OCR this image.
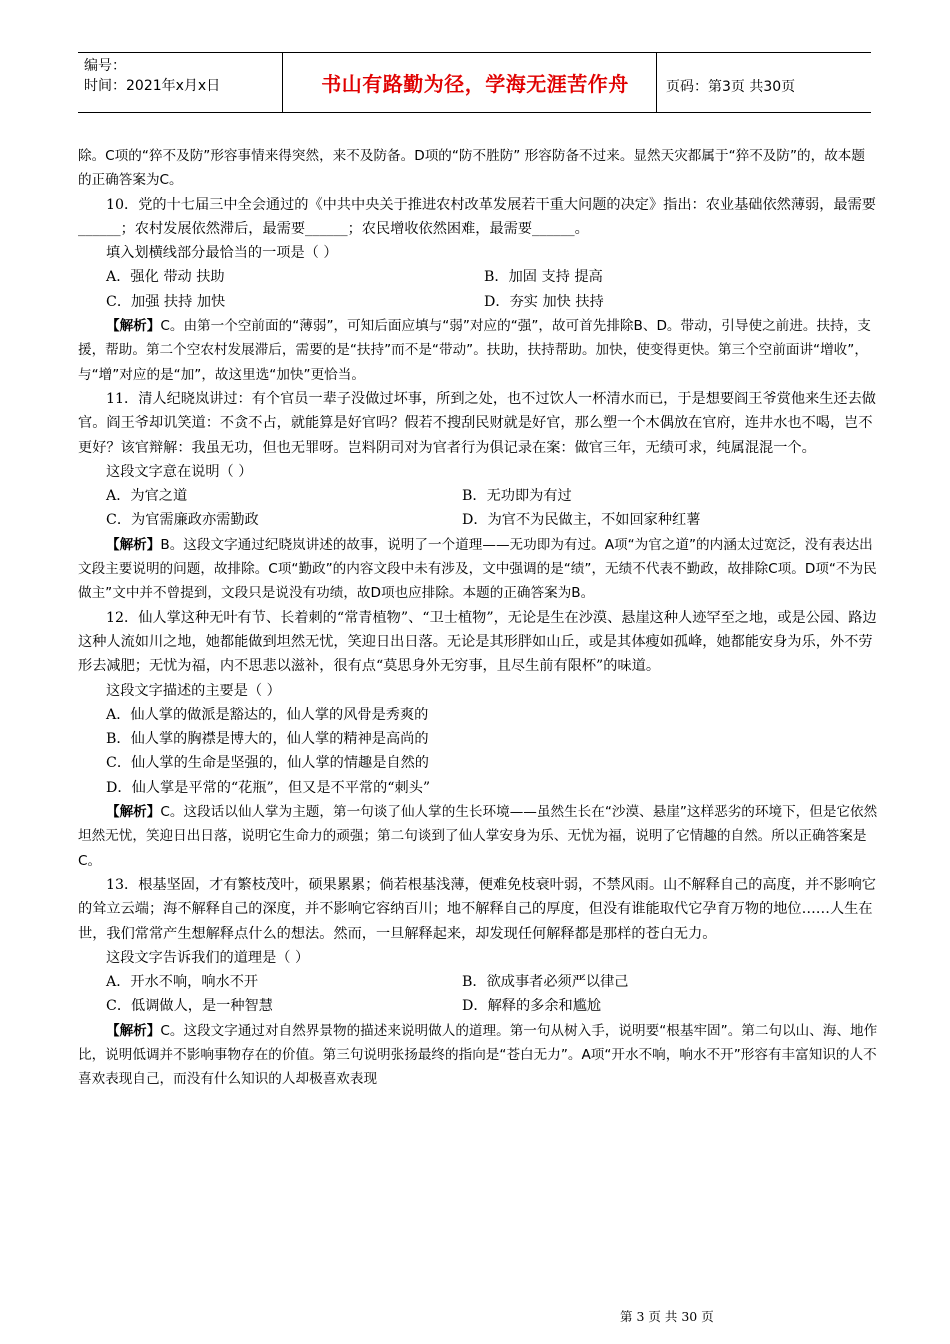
编号：
时间：2021年x月x日	书山有路勤为径，学海无涯苦作舟	页码：第3页 共30页

除。C项的“猝不及防”形容事情来得突然，来不及防备。D项的“防不胜防” 形容防备不过来。显然天灾都属于“猝不及防”的，故本题的正确答案为C。

10．党的十七届三中全会通过的《中共中央关于推进农村改革发展若干重大问题的决定》指出：农业基础依然薄弱，最需要______；农村发展依然滞后，最需要______；农民增收依然困难，最需要______。

填入划横线部分最恰当的一项是（ ）

A．强化 带动 扶助	B．加固 支持 提高
C．加强 扶持 加快	D．夯实 加快 扶持

【解析】C。由第一个空前面的“薄弱”，可知后面应填与“弱”对应的“强”，故可首先排除B、D。带动，引导使之前进。扶持，支援，帮助。第二个空农村发展滞后，需要的是“扶持”而不是“带动”。扶助，扶持帮助。加快，使变得更快。第三个空前面讲“增收”，与“增”对应的是“加”，故这里选“加快”更恰当。

11．清人纪晓岚讲过：有个官员一辈子没做过坏事，所到之处，也不过饮人一杯清水而已，于是想要阎王爷赏他来生还去做官。阎王爷却讥笑道：不贪不占，就能算是好官吗？假若不搜刮民财就是好官，那么塑一个木偶放在官府，连井水也不喝，岂不更好？该官辩解：我虽无功，但也无罪呀。岂料阴司对为官者行为俱记录在案：做官三年，无绩可求，纯属混混一个。

这段文字意在说明（ ）

A．为官之道	B．无功即为有过
C．为官需廉政亦需勤政	D．为官不为民做主，不如回家种红薯

【解析】B。这段文字通过纪晓岚讲述的故事，说明了一个道理——无功即为有过。A项“为官之道”的内涵太过宽泛，没有表达出文段主要说明的问题，故排除。C项“勤政”的内容文段中未有涉及，文中强调的是“绩”，无绩不代表不勤政，故排除C项。D项“不为民做主”文中并不曾提到，文段只是说没有功绩，故D项也应排除。本题的正确答案为B。

12．仙人掌这种无叶有节、长着刺的“常青植物”、“卫士植物”，无论是生在沙漠、悬崖这种人迹罕至之地，或是公园、路边这种人流如川之地，她都能做到坦然无忧，笑迎日出日落。无论是其形胖如山丘，或是其体瘦如孤峰，她都能安身为乐，外不劳形去减肥；无忧为福，内不思悲以滋补，很有点“莫思身外无穷事，且尽生前有限杯”的味道。

这段文字描述的主要是（ ）

A．仙人掌的做派是豁达的，仙人掌的风骨是秀爽的

B．仙人掌的胸襟是博大的，仙人掌的精神是高尚的

C．仙人掌的生命是坚强的，仙人掌的情趣是自然的

D．仙人掌是平常的“花瓶”，但又是不平常的“刺头”

【解析】C。这段话以仙人掌为主题，第一句谈了仙人掌的生长环境——虽然生长在“沙漠、悬崖”这样恶劣的环境下，但是它依然坦然无忧，笑迎日出日落，说明它生命力的顽强；第二句谈到了仙人掌安身为乐、无忧为福，说明了它情趣的自然。所以正确答案是C。

13．根基坚固，才有繁枝茂叶，硕果累累；倘若根基浅薄，便难免枝衰叶弱，不禁风雨。山不解释自己的高度，并不影响它的耸立云端；海不解释自己的深度，并不影响它容纳百川；地不解释自己的厚度，但没有谁能取代它孕育万物的地位……人生在世，我们常常产生想解释点什么的想法。然而，一旦解释起来，却发现任何解释都是那样的苍白无力。

这段文字告诉我们的道理是（ ）

A．开水不响，响水不开	B．欲成事者必须严以律己
C．低调做人，是一种智慧	D．解释的多余和尴尬

【解析】C。这段文字通过对自然界景物的描述来说明做人的道理。第一句从树入手，说明要“根基牢固”。第二句以山、海、地作比，说明低调并不影响事物存在的价值。第三句说明张扬最终的指向是“苍白无力”。A项“开水不响，响水不开”形容有丰富知识的人不喜欢表现自己，而没有什么知识的人却极喜欢表现

第 3 页 共 30 页
